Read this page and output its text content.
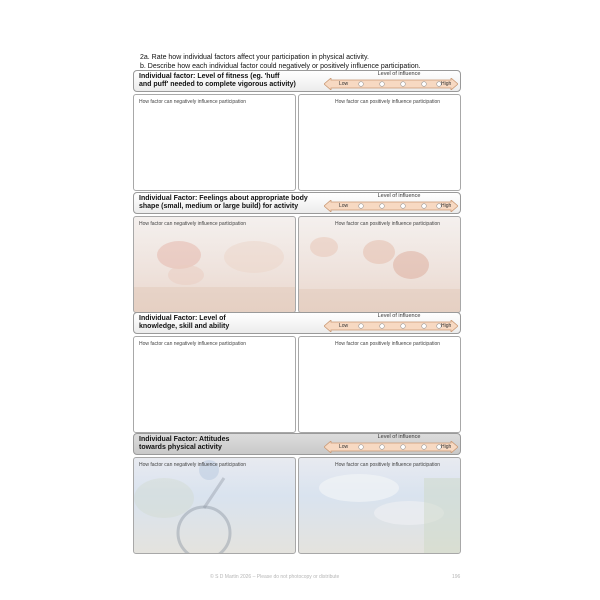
2a. Rate how individual factors affect your participation in physical activity.
b. Describe how each individual factor could negatively or positively influence participation.
Individual factor: Level of fitness (eg. 'huff
and puff' needed to complete vigorous activity)
Level of influence
Low	High
How factor can negatively influence participation	How factor can positively influence participation
Individual Factor: Feelings about appropriate body
shape (small, medium or large build) for activity
Level of influence
Low	High
How factor can negatively influence participation	How factor can positively influence participation
Individual Factor: Level of
knowledge, skill and ability
Level of influence
Low	High
How factor can negatively influence participation	How factor can positively influence participation
Individual Factor: Attitudes
towards physical activity
Level of influence
Low	High
How factor can negatively influence participation	How factor can positively influence participation
© S D Martin 2026 – Please do not photocopy or distribute	196
